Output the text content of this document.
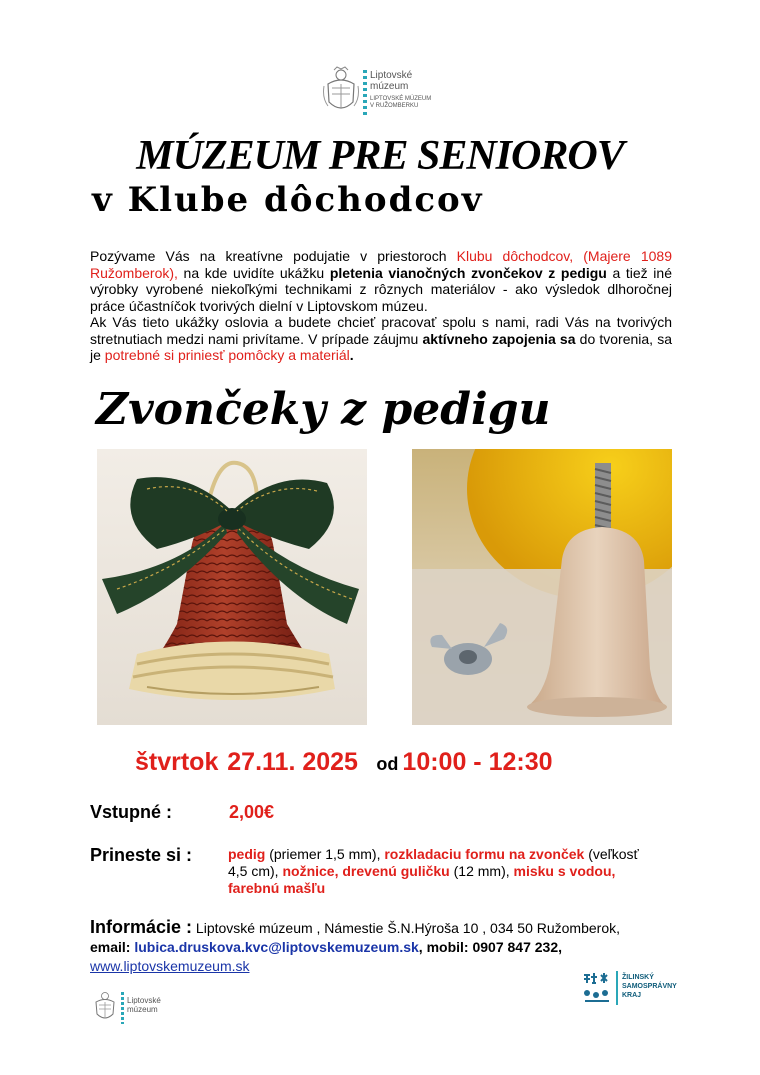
Liptovské
múzeum
LIPTOVSKÉ MÚZEUM
V RUŽOMBERKU
MÚZEUM PRE SENIOROV
v Klube dôchodcov

Pozývame Vás na kreatívne podujatie v priestoroch Klubu dôchodcov, (Majere 1089 Ružomberok), na kde uvidíte ukážku pletenia vianočných zvončekov z pedigu a tiež iné výrobky vyrobené niekoľkými technikami z rôznych materiálov - ako výsledok dlhoročnej práce účastníčok tvorivých dielní v Liptovskom múzeu.

Ak Vás tieto ukážky oslovia a budete chcieť pracovať spolu s nami, radi Vás na tvorivých stretnutiach medzi nami privítame. V prípade záujmu aktívneho zapojenia sa do tvorenia, sa je potrebné si priniesť pomôcky a materiál.

Zvončeky z pedigu
štvrtok 27.11. 2025 od 10:00 - 12:30
Vstupné :	2,00€
Prineste si :	pedig (priemer 1,5 mm), rozkladaciu formu na zvonček (veľkosť 4,5 cm), nožnice, drevenú guličku (12 mm), misku s vodou, farebnú mašľu
Informácie : Liptovské múzeum , Námestie Š.N.Hýroša 10 , 034 50 Ružomberok,
email: lubica.druskova.kvc@liptovskemuzeum.sk, mobil: 0907 847 232,
www.liptovskemuzeum.sk
Liptovské
múzeum
ŽILINSKÝ
SAMOSPRÁVNY
KRAJ
